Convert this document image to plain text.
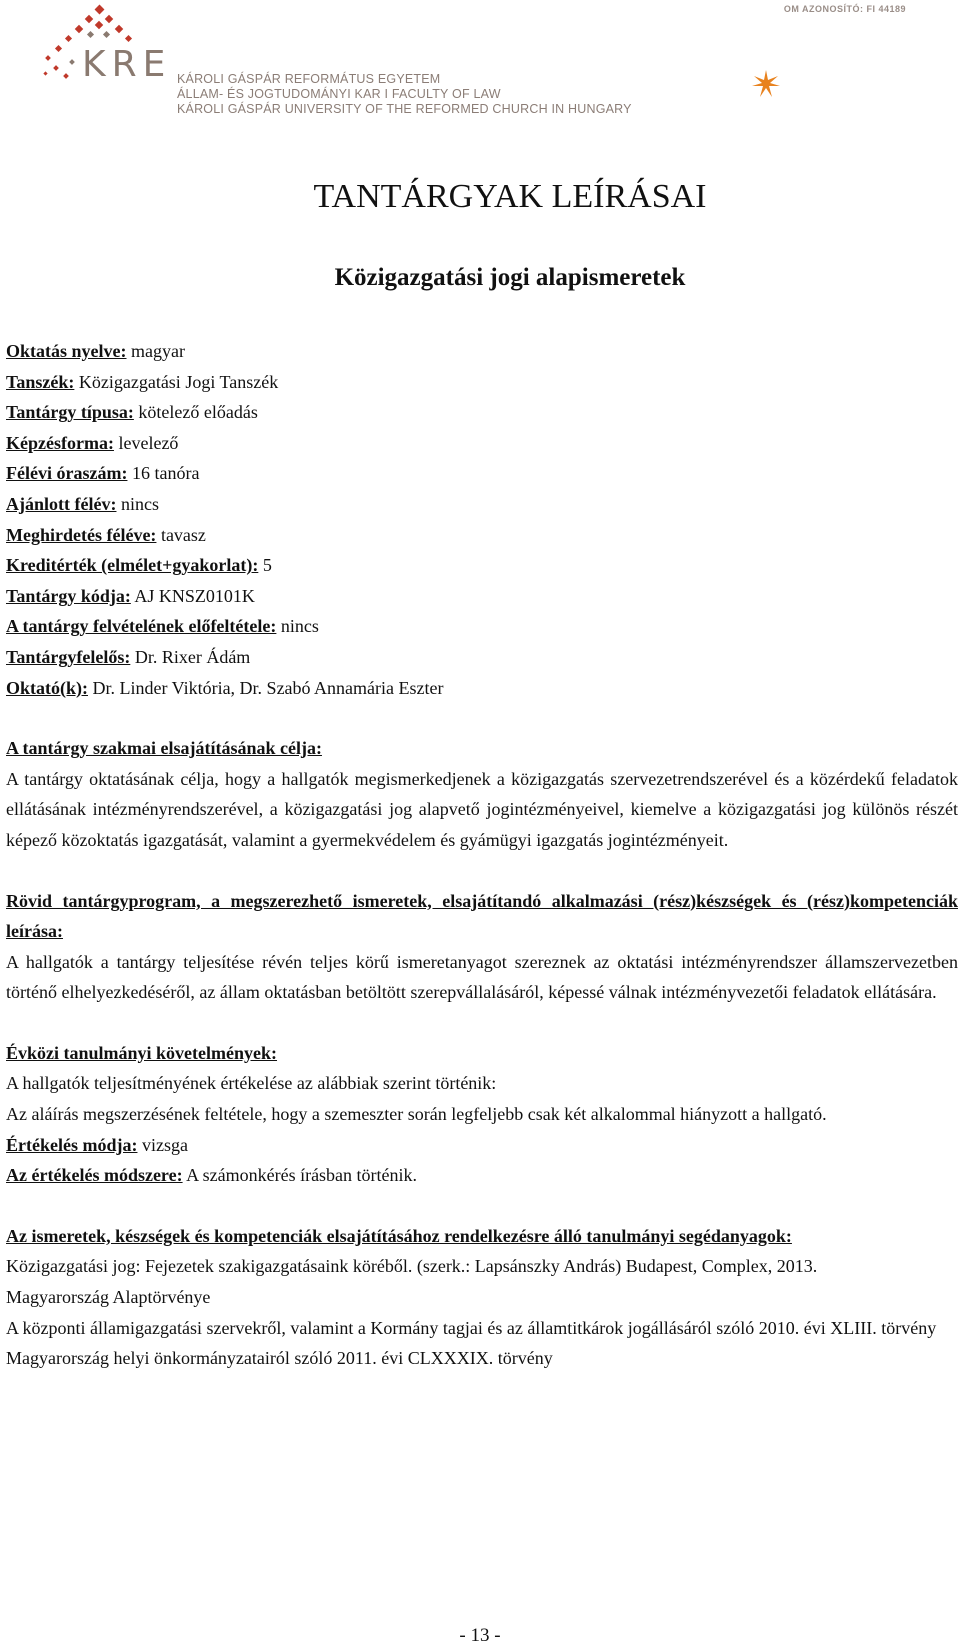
OM AZONOSÍTÓ: FI 44189
KRE KÁROLI GÁSPÁR REFORMÁTUS EGYETEM
ÁLLAM- ÉS JOGTUDOMÁNYI KAR I FACULTY OF LAW
KÁROLI GÁSPÁR UNIVERSITY OF THE REFORMED CHURCH IN HUNGARY
TANTÁRGYAK LEÍRÁSAI
Közigazgatási jogi alapismeretek

Oktatás nyelve: magyar

Tanszék: Közigazgatási Jogi Tanszék

Tantárgy típusa: kötelező előadás

Képzésforma: levelező

Félévi óraszám: 16 tanóra

Ajánlott félév: nincs

Meghirdetés féléve: tavasz

Kreditérték (elmélet+gyakorlat): 5

Tantárgy kódja: AJ KNSZ0101K

A tantárgy felvételének előfeltétele: nincs

Tantárgyfelelős: Dr. Rixer Ádám

Oktató(k): Dr. Linder Viktória, Dr. Szabó Annamária Eszter

A tantárgy szakmai elsajátításának célja:

A tantárgy oktatásának célja, hogy a hallgatók megismerkedjenek a közigazgatás szervezetrendszerével és a közérdekű feladatok ellátásának intézményrendszerével, a közigazgatási jog alapvető jogintézményeivel, kiemelve a közigazgatási jog különös részét képező közoktatás igazgatását, valamint a gyermekvédelem és gyámügyi igazgatás jogintézményeit.

Rövid tantárgyprogram, a megszerezhető ismeretek, elsajátítandó alkalmazási (rész)készségek és (rész)kompetenciák leírása:

A hallgatók a tantárgy teljesítése révén teljes körű ismeretanyagot szereznek az oktatási intézményrendszer államszervezetben történő elhelyezkedéséről, az állam oktatásban betöltött szerepvállalásáról, képessé válnak intézményvezetői feladatok ellátására.

Évközi tanulmányi követelmények:

A hallgatók teljesítményének értékelése az alábbiak szerint történik:

Az aláírás megszerzésének feltétele, hogy a szemeszter során legfeljebb csak két alkalommal hiányzott a hallgató.

Értékelés módja: vizsga

Az értékelés módszere: A számonkérés írásban történik.

Az ismeretek, készségek és kompetenciák elsajátításához rendelkezésre álló tanulmányi segédanyagok:

Közigazgatási jog: Fejezetek szakigazgatásaink köréből. (szerk.: Lapsánszky András) Budapest, Complex, 2013.

Magyarország Alaptörvénye

A központi államigazgatási szervekről, valamint a Kormány tagjai és az államtitkárok jogállásáról szóló 2010. évi XLIII. törvény

Magyarország helyi önkormányzatairól szóló 2011. évi CLXXXIX. törvény

- 13 -
